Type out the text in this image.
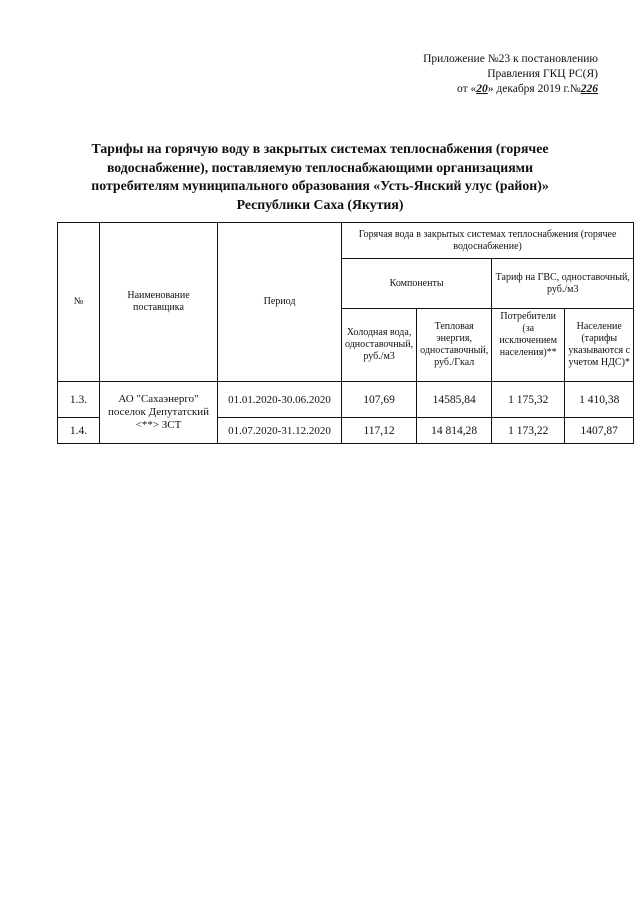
Приложение №23 к постановлению
Правления ГКЦ РС(Я)
от «20» декабря 2019 г.№226
Тарифы на горячую воду в закрытых системах теплоснабжения (горячее
водоснабжение), поставляемую теплоснабжающими организациями
потребителям муниципального образования «Усть-Янский улус (район)»
Республики Саха (Якутия)
№	Наименование поставщика	Период	Горячая вода в закрытых системах теплоснабжения (горячее водоснабжение)			
			Компоненты		Тариф на ГВС, одноставочный, руб./м3	
			Холодная вода, одноставочный, руб./м3	Тепловая энергия, одноставочный, руб./Гкал	Потребители (за исключением населения)**	Население (тарифы указываются с учетом НДС)*
1.3.	АО "Сахаэнерго" поселок Депутатский <**> ЗСТ	01.01.2020-30.06.2020	107,69	14585,84	1 175,32	1 410,38
1.4.		01.07.2020-31.12.2020	117,12	14 814,28	1 173,22	1407,87
